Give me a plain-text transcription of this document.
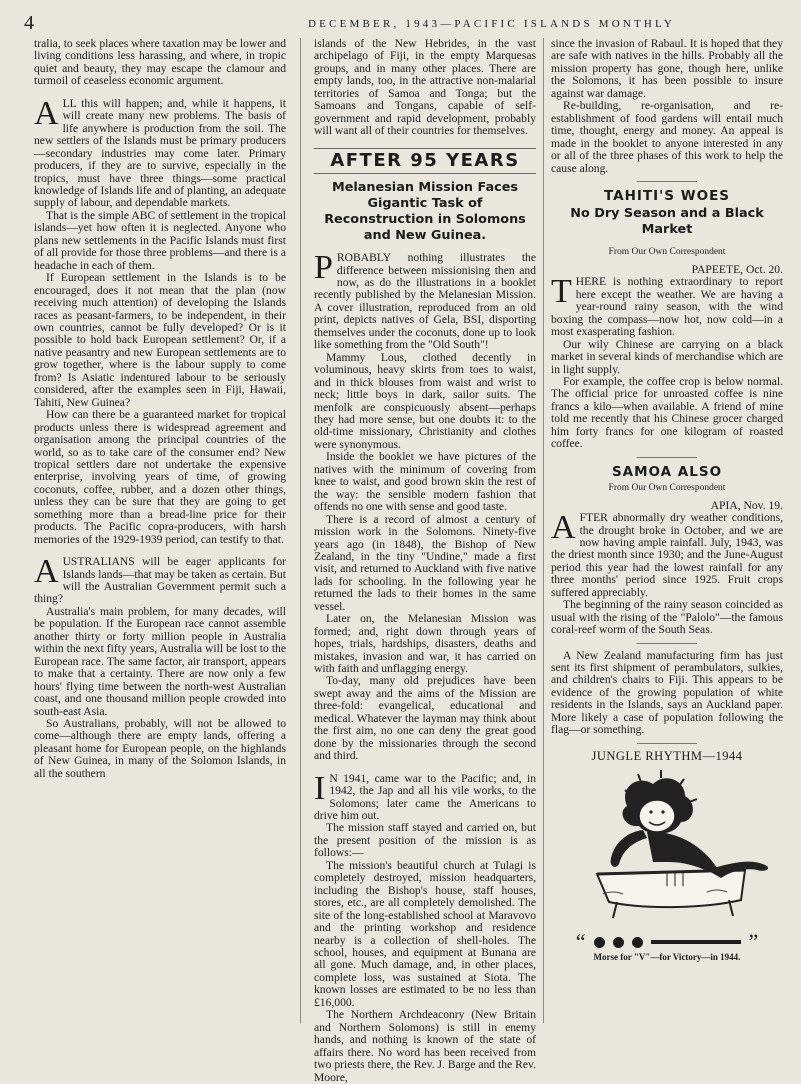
4	DECEMBER, 1943—PACIFIC ISLANDS MONTHLY

tralia, to seek places where taxation may be lower and living conditions less harassing, and where, in tropic quiet and beauty, they may escape the clamour and turmoil of ceaseless economic argument.

ALL this will happen; and, while it happens, it will create many new problems. The basis of life anywhere is production from the soil. The new settlers of the Islands must be primary producers—secondary industries may come later. Primary producers, if they are to survive, especially in the tropics, must have three things—some practical knowledge of Islands life and of planting, an adequate supply of labour, and dependable markets.

That is the simple ABC of settlement in the tropical islands—yet how often it is neglected. Anyone who plans new settlements in the Pacific Islands must first of all provide for those three problems—and there is a headache in each of them.

If European settlement in the Islands is to be encouraged, does it not mean that the plan (now receiving much attention) of developing the Islands races as peasant-farmers, to be independent, in their own countries, cannot be fully developed? Or is it possible to hold back European settlement? Or, if a native peasantry and new European settlements are to grow together, where is the labour supply to come from? Is Asiatic indentured labour to be seriously considered, after the examples seen in Fiji, Hawaii, Tahiti, New Guinea?

How can there be a guaranteed market for tropical products unless there is widespread agreement and organisation among the principal countries of the world, so as to take care of the consumer end? New tropical settlers dare not undertake the expensive enterprise, involving years of time, of growing coconuts, coffee, rubber, and a dozen other things, unless they can be sure that they are going to get something more than a bread-line price for their products. The Pacific copra-producers, with harsh memories of the 1929-1939 period, can testify to that.

AUSTRALIANS will be eager applicants for Islands lands—that may be taken as certain. But will the Australian Government permit such a thing?

Australia's main problem, for many decades, will be population. If the European race cannot assemble another thirty or forty million people in Australia within the next fifty years, Australia will be lost to the European race. The same factor, air transport, appears to make that a certainty. There are now only a few hours' flying time between the north-west Australian coast, and one thousand million people crowded into south-east Asia.

So Australians, probably, will not be allowed to come—although there are empty lands, offering a pleasant home for European people, on the highlands of New Guinea, in many of the Solomon Islands, in all the southern

islands of the New Hebrides, in the vast archipelago of Fiji, in the empty Marquesas groups, and in many other places. There are empty lands, too, in the attractive non-malarial territories of Samoa and Tonga; but the Samoans and Tongans, capable of self-government and rapid development, probably will want all of their countries for themselves.

AFTER 95 YEARS
Melanesian Mission Faces Gigantic Task of Reconstruction in Solomons and New Guinea.

PROBABLY nothing illustrates the difference between missionising then and now, as do the illustrations in a booklet recently published by the Melanesian Mission. A cover illustration, reproduced from an old print, depicts natives of Gela, BSI, disporting themselves under the coconuts, done up to look like something from the "Old South"!

Mammy Lous, clothed decently in voluminous, heavy skirts from toes to waist, and in thick blouses from waist and wrist to neck; little boys in dark, sailor suits. The menfolk are conspicuously absent—perhaps they had more sense, but one doubts it: to the old-time missionary, Christianity and clothes were synonymous.

Inside the booklet we have pictures of the natives with the minimum of covering from knee to waist, and good brown skin the rest of the way: the sensible modern fashion that offends no one with sense and good taste.

There is a record of almost a century of mission work in the Solomons. Ninety-five years ago (in 1848), the Bishop of New Zealand, in the tiny "Undine," made a first visit, and returned to Auckland with five native lads for schooling. In the following year he returned the lads to their homes in the same vessel.

Later on, the Melanesian Mission was formed; and, right down through years of hopes, trials, hardships, disasters, deaths and mistakes, invasion and war, it has carried on with faith and unflagging energy.

To-day, many old prejudices have been swept away and the aims of the Mission are three-fold: evangelical, educational and medical. Whatever the layman may think about the first aim, no one can deny the great good done by the missionaries through the second and third.

I N 1941, came war to the Pacific; and, in 1942, the Jap and all his vile works, to the Solomons; later came the Americans to drive him out.

The mission staff stayed and carried on, but the present position of the mission is as follows:—

The mission's beautiful church at Tulagi is completely destroyed, mission headquarters, including the Bishop's house, staff houses, stores, etc., are all completely demolished. The site of the long-established school at Maravovo and the printing workshop and residence nearby is a collection of shell-holes. The school, houses, and equipment at Bunana are all gone. Much damage, and, in other places, complete loss, was sustained at Siota. The known losses are estimated to be no less than £16,000.

The Northern Archdeaconry (New Britain and Northern Solomons) is still in enemy hands, and nothing is known of the state of affairs there. No word has been received from two priests there, the Rev. J. Barge and the Rev. Moore,

since the invasion of Rabaul. It is hoped that they are safe with natives in the hills. Probably all the mission property has gone, though here, unlike the Solomons, it has been possible to insure against war damage.

Re-building, re-organisation, and re-establishment of food gardens will entail much time, thought, energy and money. An appeal is made in the booklet to anyone interested in any or all of the three phases of this work to help the cause along.

TAHITI'S WOES
No Dry Season and a Black Market
From Our Own Correspondent

PAPEETE, Oct. 20.

THERE is nothing extraordinary to report here except the weather. We are having a year-round rainy season, with the wind boxing the compass—now hot, now cold—in a most exasperating fashion.

Our wily Chinese are carrying on a black market in several kinds of merchandise which are in light supply.

For example, the coffee crop is below normal. The official price for unroasted coffee is nine francs a kilo—when available. A friend of mine told me recently that his Chinese grocer charged him forty francs for one kilogram of roasted coffee.

SAMOA ALSO
From Our Own Correspondent

APIA, Nov. 19.

AFTER abnormally dry weather conditions, the drought broke in October, and we are now having ample rainfall. July, 1943, was the driest month since 1930; and the June-August period this year had the lowest rainfall for any three months' period since 1925. Fruit crops suffered appreciably.

The beginning of the rainy season coincided as usual with the rising of the "Palolo"—the famous coral-reef worm of the South Seas.

A New Zealand manufacturing firm has just sent its first shipment of perambulators, sulkies, and children's chairs to Fiji. This appears to be evidence of the growing population of white residents in the Islands, says an Auckland paper. More likely a case of population following the flag—or something.

JUNGLE RHYTHM—1944
“	”
Morse for "V"—for Victory—in 1944.
